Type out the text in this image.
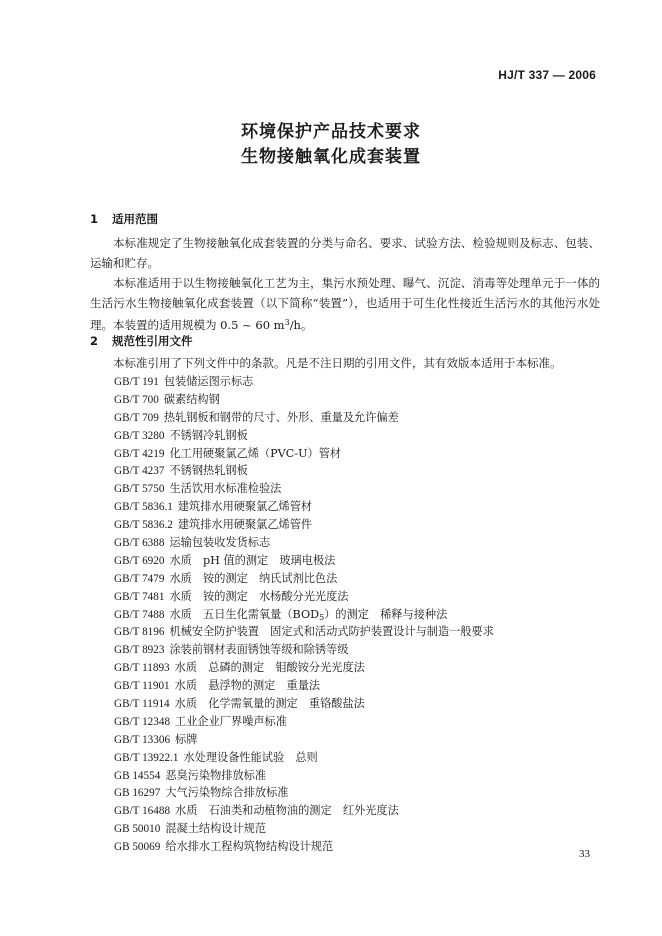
HJ/T 337 — 2006
环境保护产品技术要求
生物接触氧化成套装置
1 适用范围
本标准规定了生物接触氧化成套装置的分类与命名、要求、试验方法、检验规则及标志、包装、运输和贮存。
本标准适用于以生物接触氧化工艺为主，集污水预处理、曝气、沉淀、消毒等处理单元于一体的生活污水生物接触氧化成套装置（以下简称“装置”），也适用于可生化性接近生活污水的其他污水处理。本装置的适用规模为 0.5 ~ 60 $m^3/h$。
2 规范性引用文件
本标准引用了下列文件中的条款。凡是不注日期的引用文件，其有效版本适用于本标准。
GB/T 191 包装储运图示标志
GB/T 700 碳素结构钢
GB/T 709 热轧钢板和钢带的尺寸、外形、重量及允许偏差
GB/T 3280 不锈钢冷轧钢板
GB/T 4219 化工用硬聚氯乙烯（PVC-U）管材
GB/T 4237 不锈钢热轧钢板
GB/T 5750 生活饮用水标准检验法
GB/T 5836.1 建筑排水用硬聚氯乙烯管材
GB/T 5836.2 建筑排水用硬聚氯乙烯管件
GB/T 6388 运输包装收发货标志
GB/T 6920 水质　pH 值的测定　玻璃电极法
GB/T 7479 水质　铵的测定　纳氏试剂比色法
GB/T 7481 水质　铵的测定　水杨酸分光光度法
GB/T 7488 水质　五日生化需氧量$(BOD_5)$的测定　稀释与接种法
GB/T 8196 机械安全防护装置　固定式和活动式防护装置设计与制造一般要求
GB/T 8923 涂装前钢材表面锈蚀等级和除锈等级
GB/T 11893 水质　总磷的测定　钼酸铵分光光度法
GB/T 11901 水质　悬浮物的测定　重量法
GB/T 11914 水质　化学需氧量的测定　重铬酸盐法
GB/T 12348 工业企业厂界噪声标准
GB/T 13306 标牌
GB/T 13922.1 水处理设备性能试验　总则
GB 14554 恶臭污染物排放标准
GB 16297 大气污染物综合排放标准
GB/T 16488 水质　石油类和动植物油的测定　红外光度法
GB 50010 混凝土结构设计规范
GB 50069 给水排水工程构筑物结构设计规范
33
